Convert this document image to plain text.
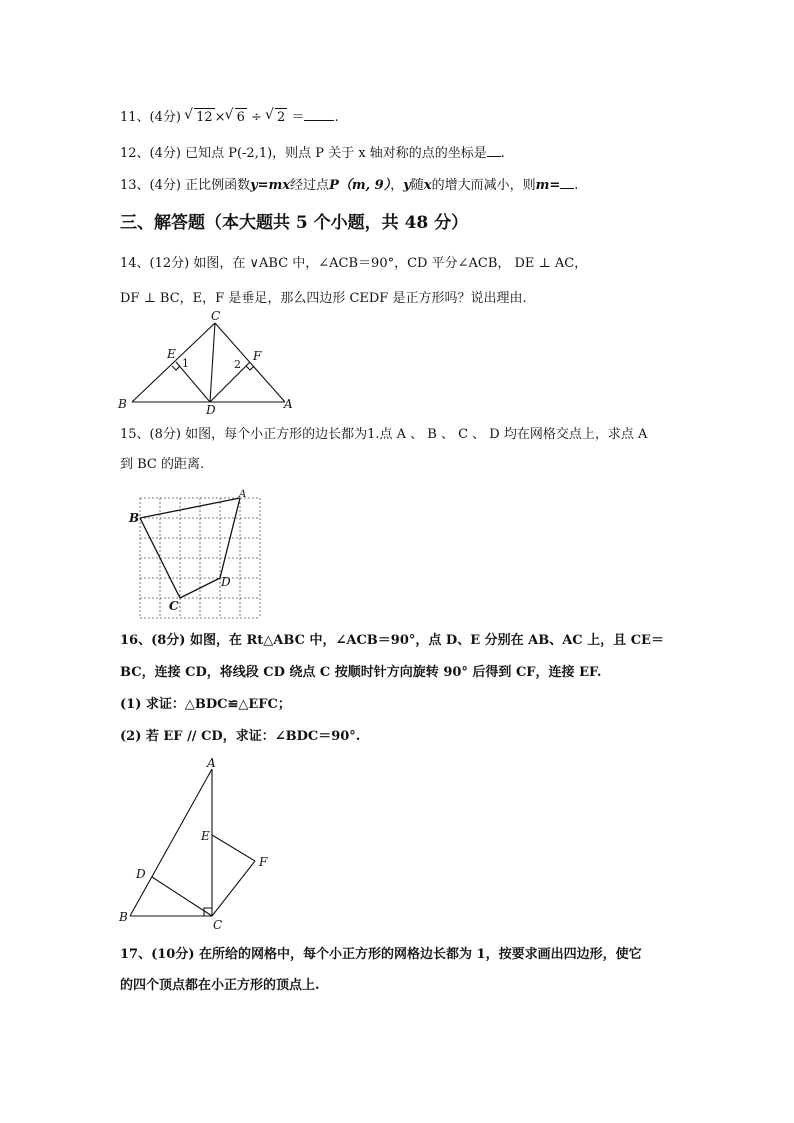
11、(4分) √ 12 × √ 6 ÷ √ 2 ＝ .
12、(4分) 已知点 P(-2,1)，则点 P 关于 x 轴对称的点的坐标是 .
13、(4分) 正比例函数y=mx经过点P（m, 9），y随x的增大而减小，则m= .
三、解答题（本大题共 5 个小题，共 48 分）
14、(12分) 如图，在 ∨ABC 中，∠ACB＝90°，CD 平分∠ACB， DE ⊥ AC，
DF ⊥ BC，E，F 是垂足，那么四边形 CEDF 是正方形吗？说出理由.
C
E	F
B	D	A
1	2
15、(8分) 如图，每个小正方形的边长都为1.点 A 、 B 、 C 、 D 均在网格交点上，求点 A
到 BC 的距离.
A
B
C
D
16、(8分) 如图，在 Rt△ABC 中，∠ACB＝90°，点 D、E 分别在 AB、AC 上，且 CE＝
BC，连接 CD，将线段 CD 绕点 C 按顺时针方向旋转 90° 后得到 CF，连接 EF.
(1) 求证：△BDC≌△EFC；
(2) 若 EF // CD，求证：∠BDC＝90°.
A
E
F
D
B
C
17、(10分) 在所给的网格中，每个小正方形的网格边长都为 1，按要求画出四边形，使它
的四个顶点都在小正方形的顶点上.
